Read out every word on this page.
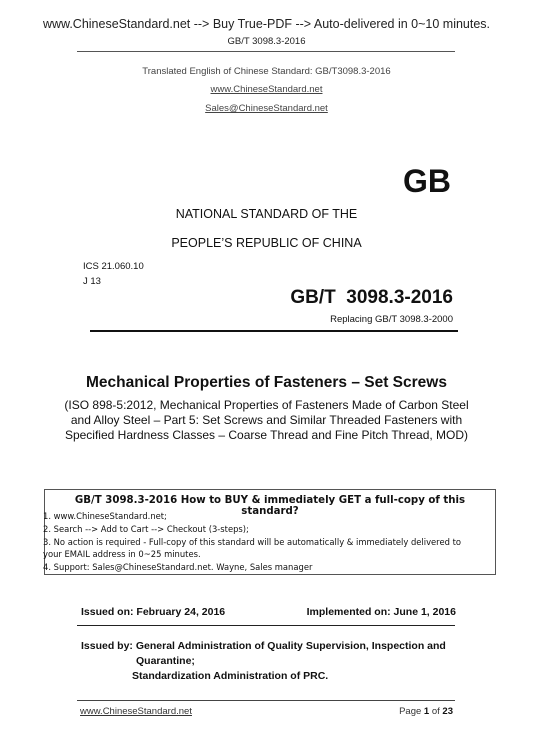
www.ChineseStandard.net --> Buy True-PDF --> Auto-delivered in 0~10 minutes.
GB/T 3098.3-2016
Translated English of Chinese Standard: GB/T3098.3-2016
www.ChineseStandard.net
Sales@ChineseStandard.net
GB
NATIONAL STANDARD OF THE
PEOPLE’S REPUBLIC OF CHINA
ICS 21.060.10
J 13
GB/T  3098.3-2016
Replacing GB/T 3098.3-2000
Mechanical Properties of Fasteners – Set Screws
(ISO 898-5:2012, Mechanical Properties of Fasteners Made of Carbon Steel
and Alloy Steel – Part 5: Set Screws and Similar Threaded Fasteners with
Specified Hardness Classes – Coarse Thread and Fine Pitch Thread, MOD)
GB/T 3098.3-2016 How to BUY & immediately GET a full-copy of this standard?
1. www.ChineseStandard.net;
2. Search --> Add to Cart --> Checkout (3-steps);
3. No action is required - Full-copy of this standard will be automatically & immediately delivered to
your EMAIL address in 0~25 minutes.
4. Support: Sales@ChineseStandard.net. Wayne, Sales manager
Issued on: February 24, 2016	Implemented on: June 1, 2016
Issued by: General Administration of Quality Supervision, Inspection and
Quarantine;
Standardization Administration of PRC.
www.ChineseStandard.net	Page 1 of 23
